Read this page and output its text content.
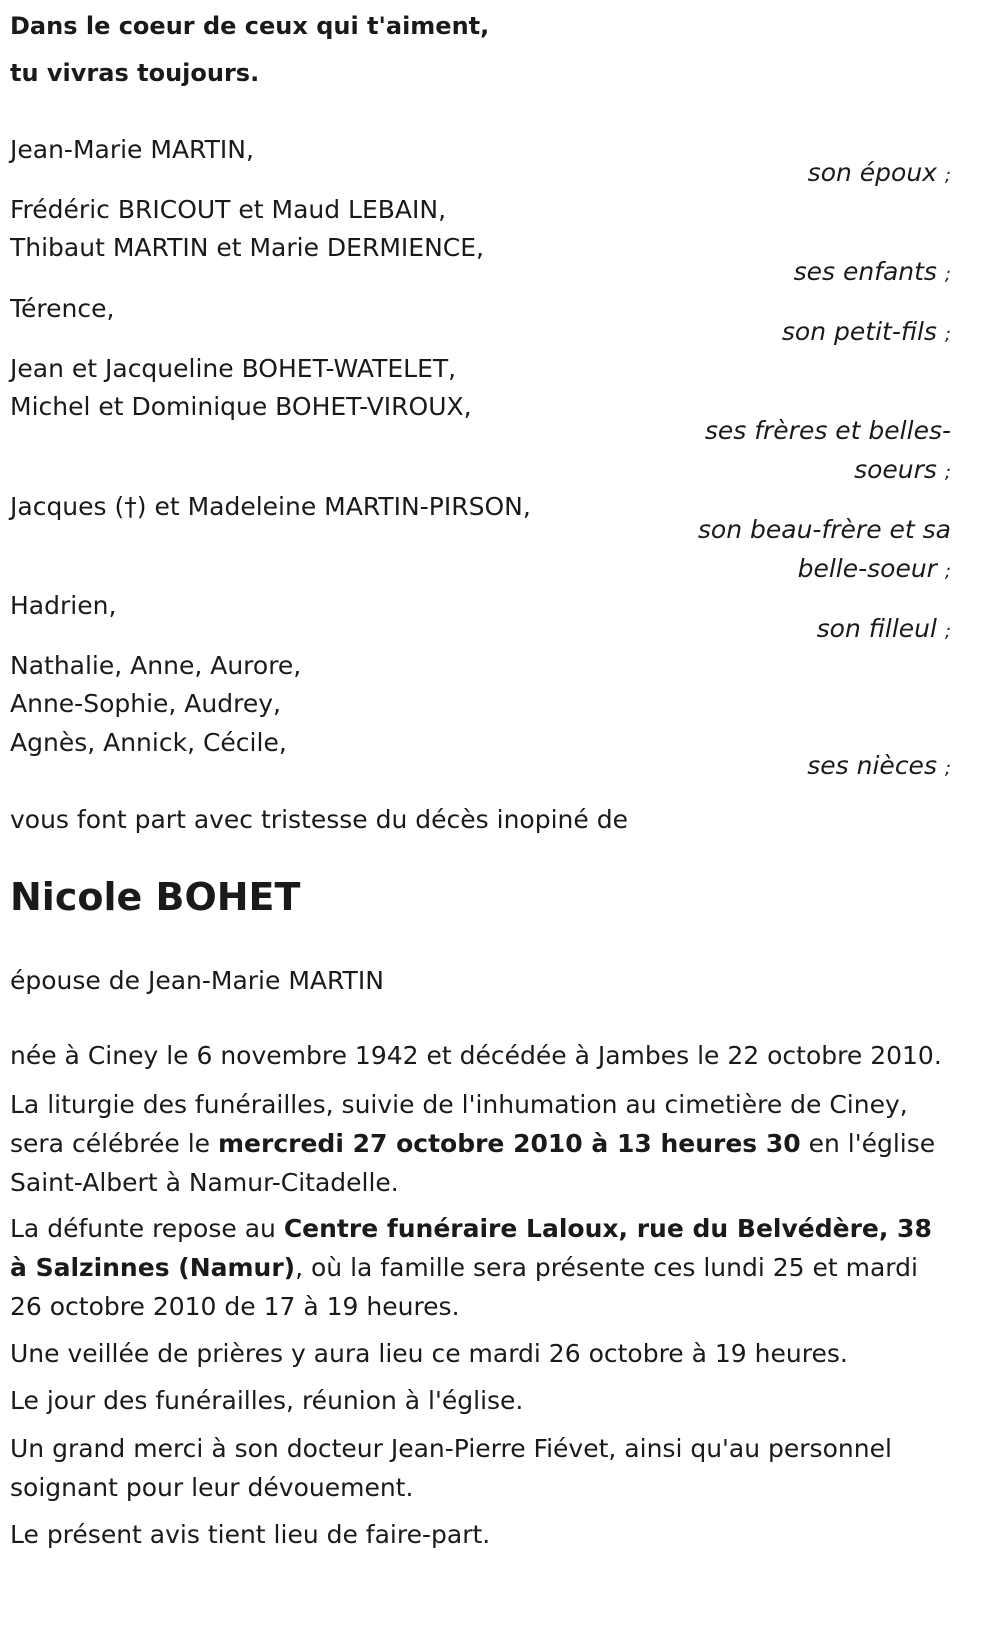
Dans le coeur de ceux qui t'aiment,
tu vivras toujours.
Jean-Marie MARTIN,
son époux ;
Frédéric BRICOUT et Maud LEBAIN,
Thibaut MARTIN et Marie DERMIENCE,
ses enfants ;
Térence,
son petit-fils ;
Jean et Jacqueline BOHET-WATELET,
Michel et Dominique BOHET-VIROUX,
ses frères et belles-
soeurs ;
Jacques (†) et Madeleine MARTIN-PIRSON,
son beau-frère et sa
belle-soeur ;
Hadrien,
son filleul ;
Nathalie, Anne, Aurore,
Anne-Sophie, Audrey,
Agnès, Annick, Cécile,
ses nièces ;
vous font part avec tristesse du décès inopiné de
Nicole BOHET
épouse de Jean-Marie MARTIN
née à Ciney le 6 novembre 1942 et décédée à Jambes le 22 octobre 2010.
La liturgie des funérailles, suivie de l'inhumation au cimetière de Ciney, sera célébrée le mercredi 27 octobre 2010 à 13 heures 30 en l'église Saint-Albert à Namur-Citadelle.
La défunte repose au Centre funéraire Laloux, rue du Belvédère, 38 à Salzinnes (Namur), où la famille sera présente ces lundi 25 et mardi 26 octobre 2010 de 17 à 19 heures.
Une veillée de prières y aura lieu ce mardi 26 octobre à 19 heures.
Le jour des funérailles, réunion à l'église.
Un grand merci à son docteur Jean-Pierre Fiévet, ainsi qu'au personnel soignant pour leur dévouement.
Le présent avis tient lieu de faire-part.
